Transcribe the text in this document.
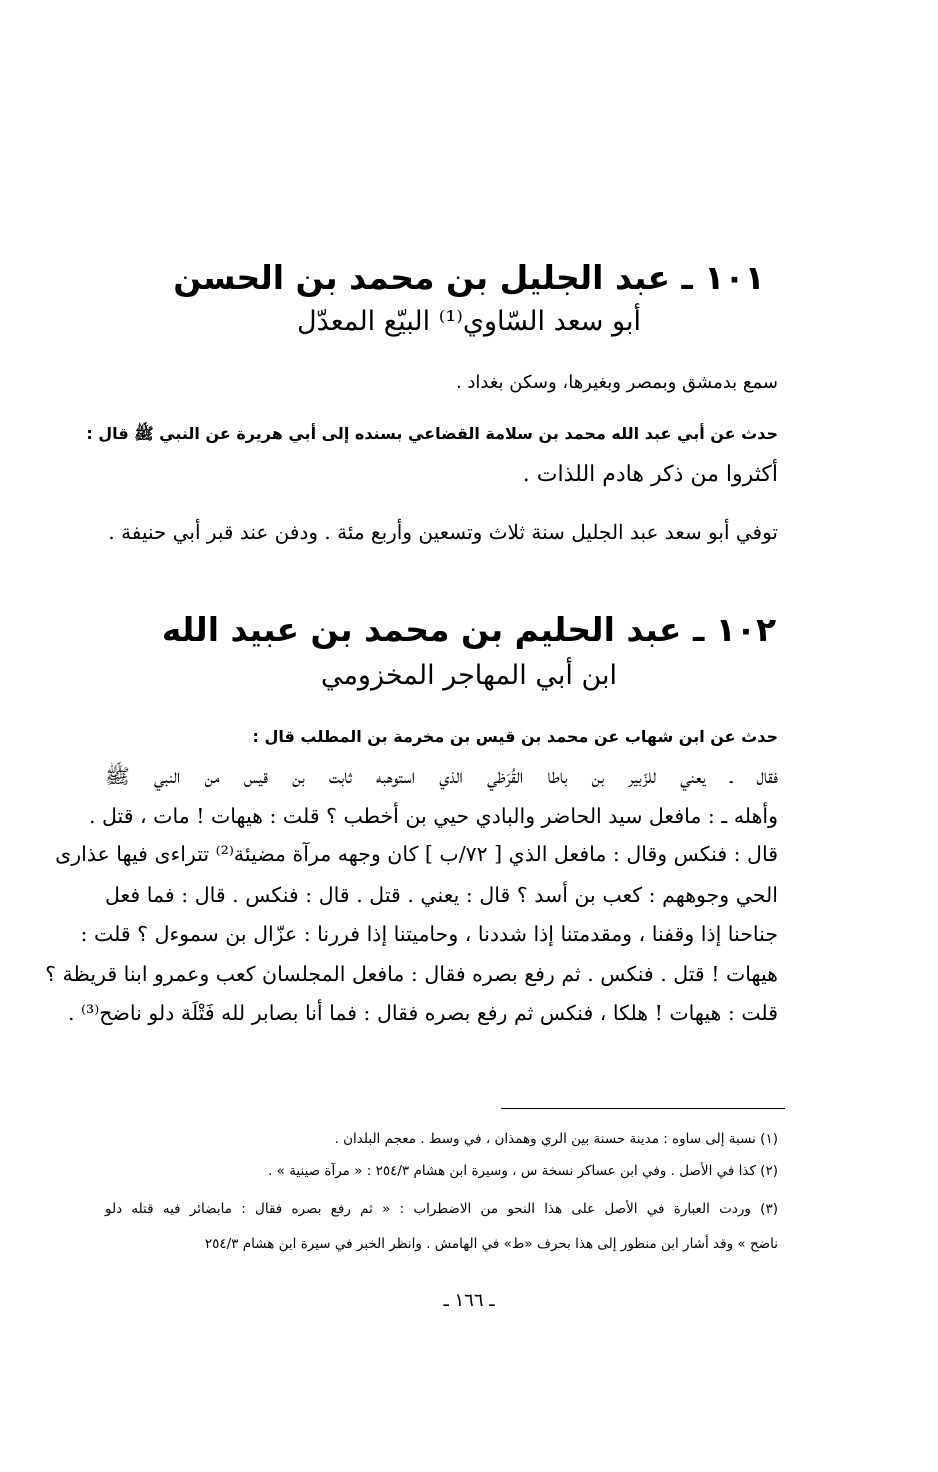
١٠١ ـ عبد الجليل بن محمد بن الحسن
أبو سعد السّاوي⁽¹⁾ البيّع المعدّل
سمع بدمشق وبمصر وبغيرها، وسكن بغداد .
حدث عن أبي عبد الله محمد بن سلامة القضاعي بسنده إلى أبي هريرة عن النبي ﷺ قال :
أكثروا من ذكر هادم اللذات .
توفي أبو سعد عبد الجليل سنة ثلاث وتسعين وأربع مئة . ودفن عند قبر أبي حنيفة .
١٠٢ ـ عبد الحليم بن محمد بن عبيد الله
ابن أبي المهاجر المخزومي
حدث عن ابن شهاب عن محمد بن قيس بن مخرمة بن المطلب قال :
فقال ـ يعني للزّبير بن باطا القُرَظي الذي استوهبه ثابت بن قيس من النبي ﷺ
وأهله ـ : مافعل سيد الحاضر والبادي حيي بن أخطب ؟ قلت : هيهات ! مات ، قتل .
قال : فنكس وقال : مافعل الذي [ ٧٢/ب ] كان وجهه مرآة مضيئة⁽²⁾ تتراءى فيها عذارى
الحي وجوههم : كعب بن أسد ؟ قال : يعني . قتل . قال : فنكس . قال : فما فعل
جناحنا إذا وقفنا ، ومقدمتنا إذا شددنا ، وحاميتنا إذا فررنا : عزّال بن سموءل ؟ قلت :
هيهات ! قتل . فنكس . ثم رفع بصره فقال : مافعل المجلسان كعب وعمرو ابنا قريظة ؟
قلت : هيهات ! هلكا ، فنكس ثم رفع بصره فقال : فما أنا بصابر لله فَتْلَة دلو ناضح⁽³⁾ .
(١) نسبة إلى ساوه : مدينة حسنة بين الري وهمذان ، في وسط . معجم البلدان .
(٢) كذا في الأصل . وفي ابن عساكر نسخة س ، وسيرة ابن هشام ٢٥٤/٣ : « مرآة صينية » .
(٣) وردت العبارة في الأصل على هذا النحو من الاضطراب : « ثم رفع بصره فقال : مابضائر فيه قتله دلو
ناضح » وقد أشار ابن منظور إلى هذا بحرف «ط» في الهامش . وانظر الخبر في سيرة ابن هشام ٢٥٤/٣
ـ ١٦٦ ـ
